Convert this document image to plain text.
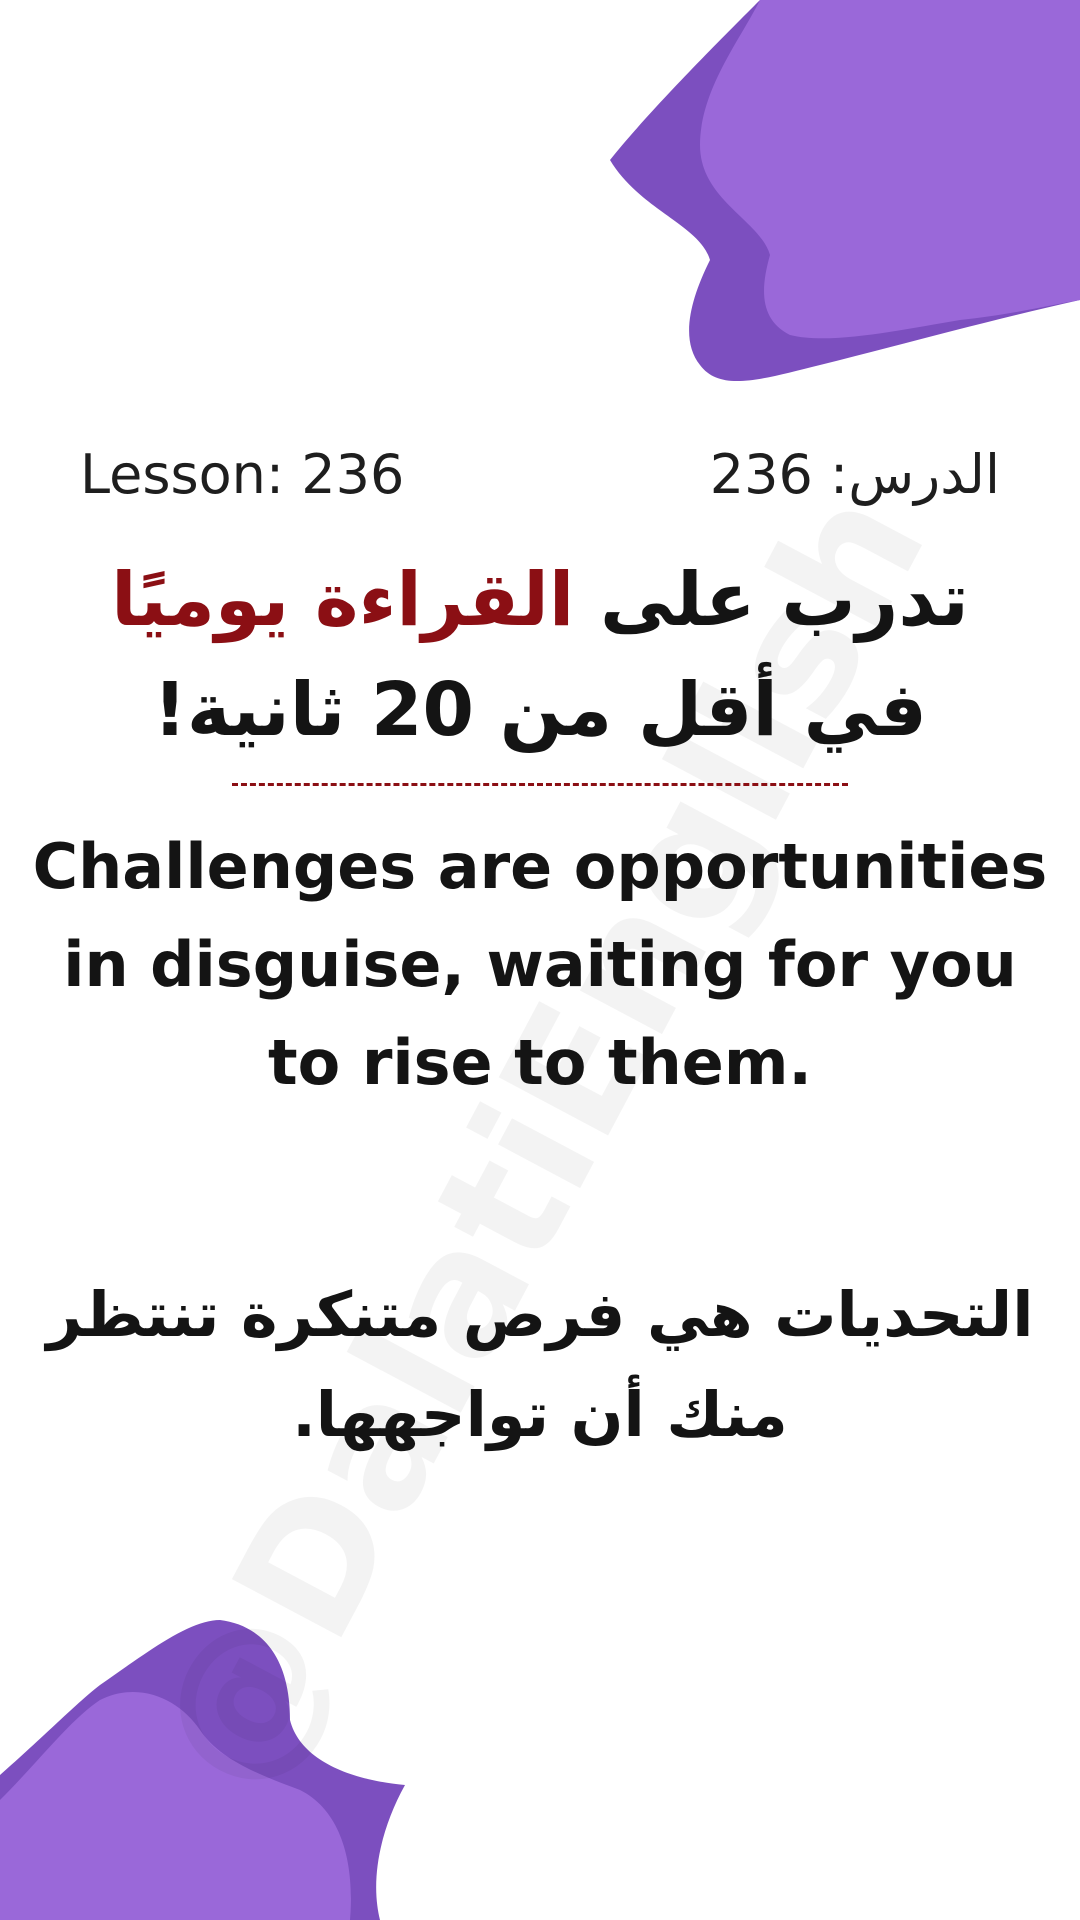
Lesson: 236	الدرس: 236
تدرب على القراءة يوميًا في أقل من 20 ثانية!
Challenges are opportunities in disguise, waiting for you to rise to them.
التحديات هي فرص متنكرة تنتظر منك أن تواجهها.
